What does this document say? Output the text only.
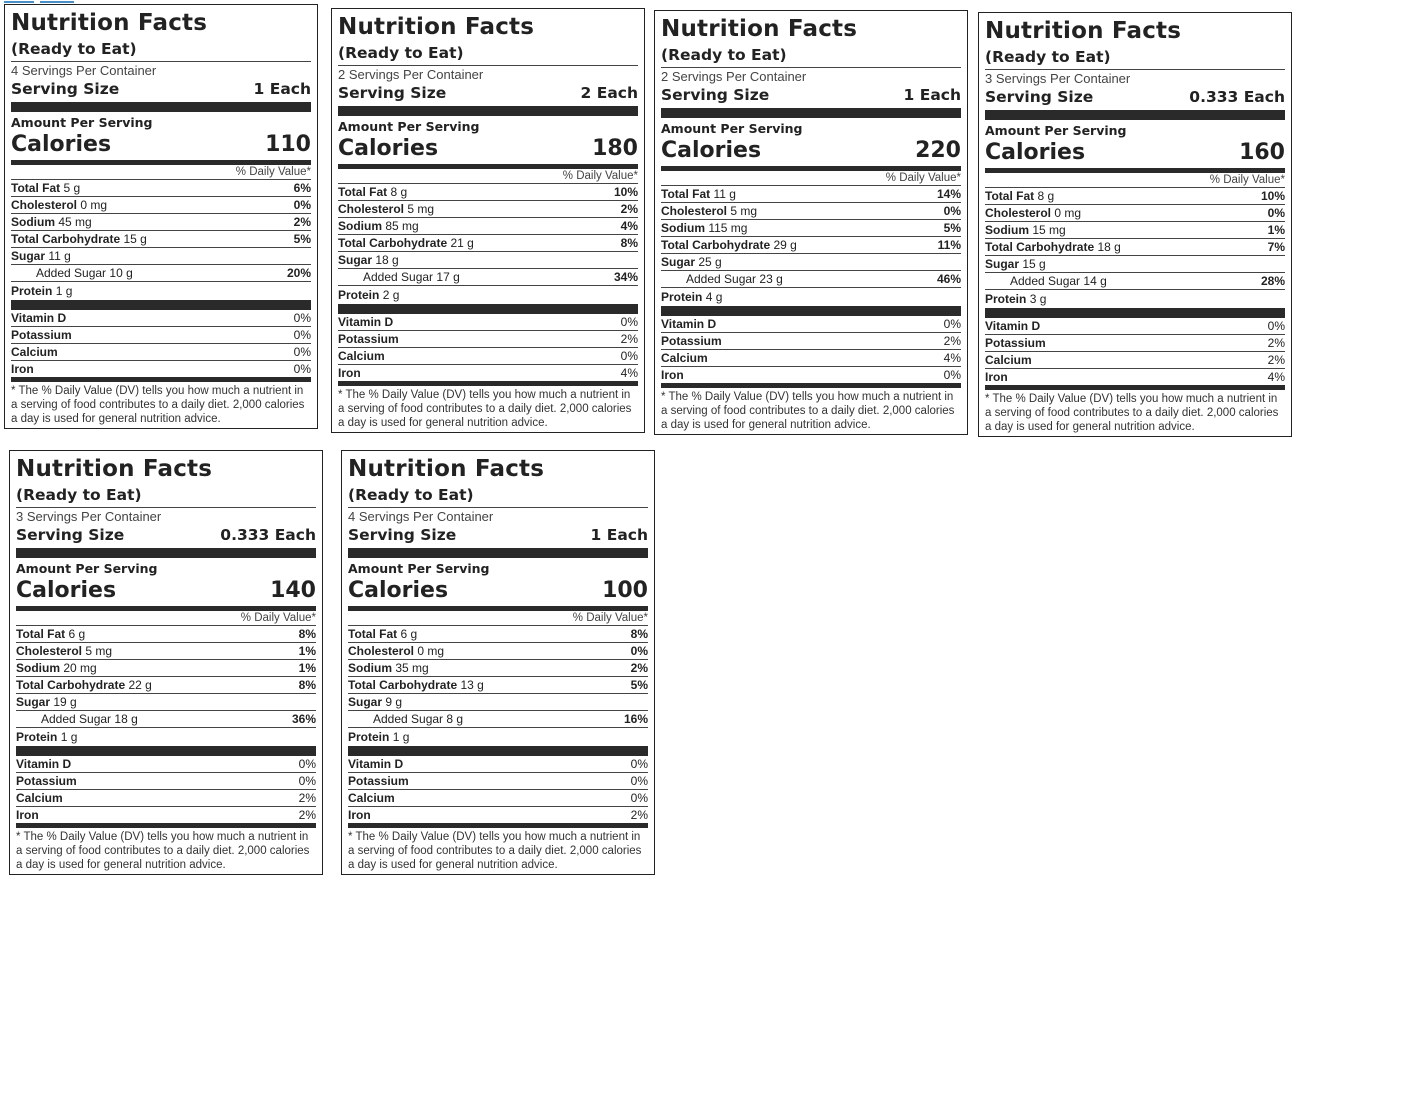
Nutrition Facts
(Ready to Eat)
4 Servings Per Container
Serving Size	1 Each
Amount Per Serving
Calories	110
% Daily Value*
Total Fat 5 g	6%
Cholesterol 0 mg	0%
Sodium 45 mg	2%
Total Carbohydrate 15 g	5%
Sugar 11 g
Added Sugar 10 g	20%
Protein 1 g
Vitamin D	0%
Potassium	0%
Calcium	0%
Iron	0%
* The % Daily Value (DV) tells you how much a nutrient in a serving of food contributes to a daily diet. 2,000 calories a day is used for general nutrition advice.
Nutrition Facts
(Ready to Eat)
2 Servings Per Container
Serving Size	2 Each
Amount Per Serving
Calories	180
% Daily Value*
Total Fat 8 g	10%
Cholesterol 5 mg	2%
Sodium 85 mg	4%
Total Carbohydrate 21 g	8%
Sugar 18 g
Added Sugar 17 g	34%
Protein 2 g
Vitamin D	0%
Potassium	2%
Calcium	0%
Iron	4%
* The % Daily Value (DV) tells you how much a nutrient in a serving of food contributes to a daily diet. 2,000 calories a day is used for general nutrition advice.
Nutrition Facts
(Ready to Eat)
2 Servings Per Container
Serving Size	1 Each
Amount Per Serving
Calories	220
% Daily Value*
Total Fat 11 g	14%
Cholesterol 5 mg	0%
Sodium 115 mg	5%
Total Carbohydrate 29 g	11%
Sugar 25 g
Added Sugar 23 g	46%
Protein 4 g
Vitamin D	0%
Potassium	2%
Calcium	4%
Iron	0%
* The % Daily Value (DV) tells you how much a nutrient in a serving of food contributes to a daily diet. 2,000 calories a day is used for general nutrition advice.
Nutrition Facts
(Ready to Eat)
3 Servings Per Container
Serving Size	0.333 Each
Amount Per Serving
Calories	160
% Daily Value*
Total Fat 8 g	10%
Cholesterol 0 mg	0%
Sodium 15 mg	1%
Total Carbohydrate 18 g	7%
Sugar 15 g
Added Sugar 14 g	28%
Protein 3 g
Vitamin D	0%
Potassium	2%
Calcium	2%
Iron	4%
* The % Daily Value (DV) tells you how much a nutrient in a serving of food contributes to a daily diet. 2,000 calories a day is used for general nutrition advice.
Nutrition Facts
(Ready to Eat)
3 Servings Per Container
Serving Size	0.333 Each
Amount Per Serving
Calories	140
% Daily Value*
Total Fat 6 g	8%
Cholesterol 5 mg	1%
Sodium 20 mg	1%
Total Carbohydrate 22 g	8%
Sugar 19 g
Added Sugar 18 g	36%
Protein 1 g
Vitamin D	0%
Potassium	0%
Calcium	2%
Iron	2%
* The % Daily Value (DV) tells you how much a nutrient in a serving of food contributes to a daily diet. 2,000 calories a day is used for general nutrition advice.
Nutrition Facts
(Ready to Eat)
4 Servings Per Container
Serving Size	1 Each
Amount Per Serving
Calories	100
% Daily Value*
Total Fat 6 g	8%
Cholesterol 0 mg	0%
Sodium 35 mg	2%
Total Carbohydrate 13 g	5%
Sugar 9 g
Added Sugar 8 g	16%
Protein 1 g
Vitamin D	0%
Potassium	0%
Calcium	0%
Iron	2%
* The % Daily Value (DV) tells you how much a nutrient in a serving of food contributes to a daily diet. 2,000 calories a day is used for general nutrition advice.
